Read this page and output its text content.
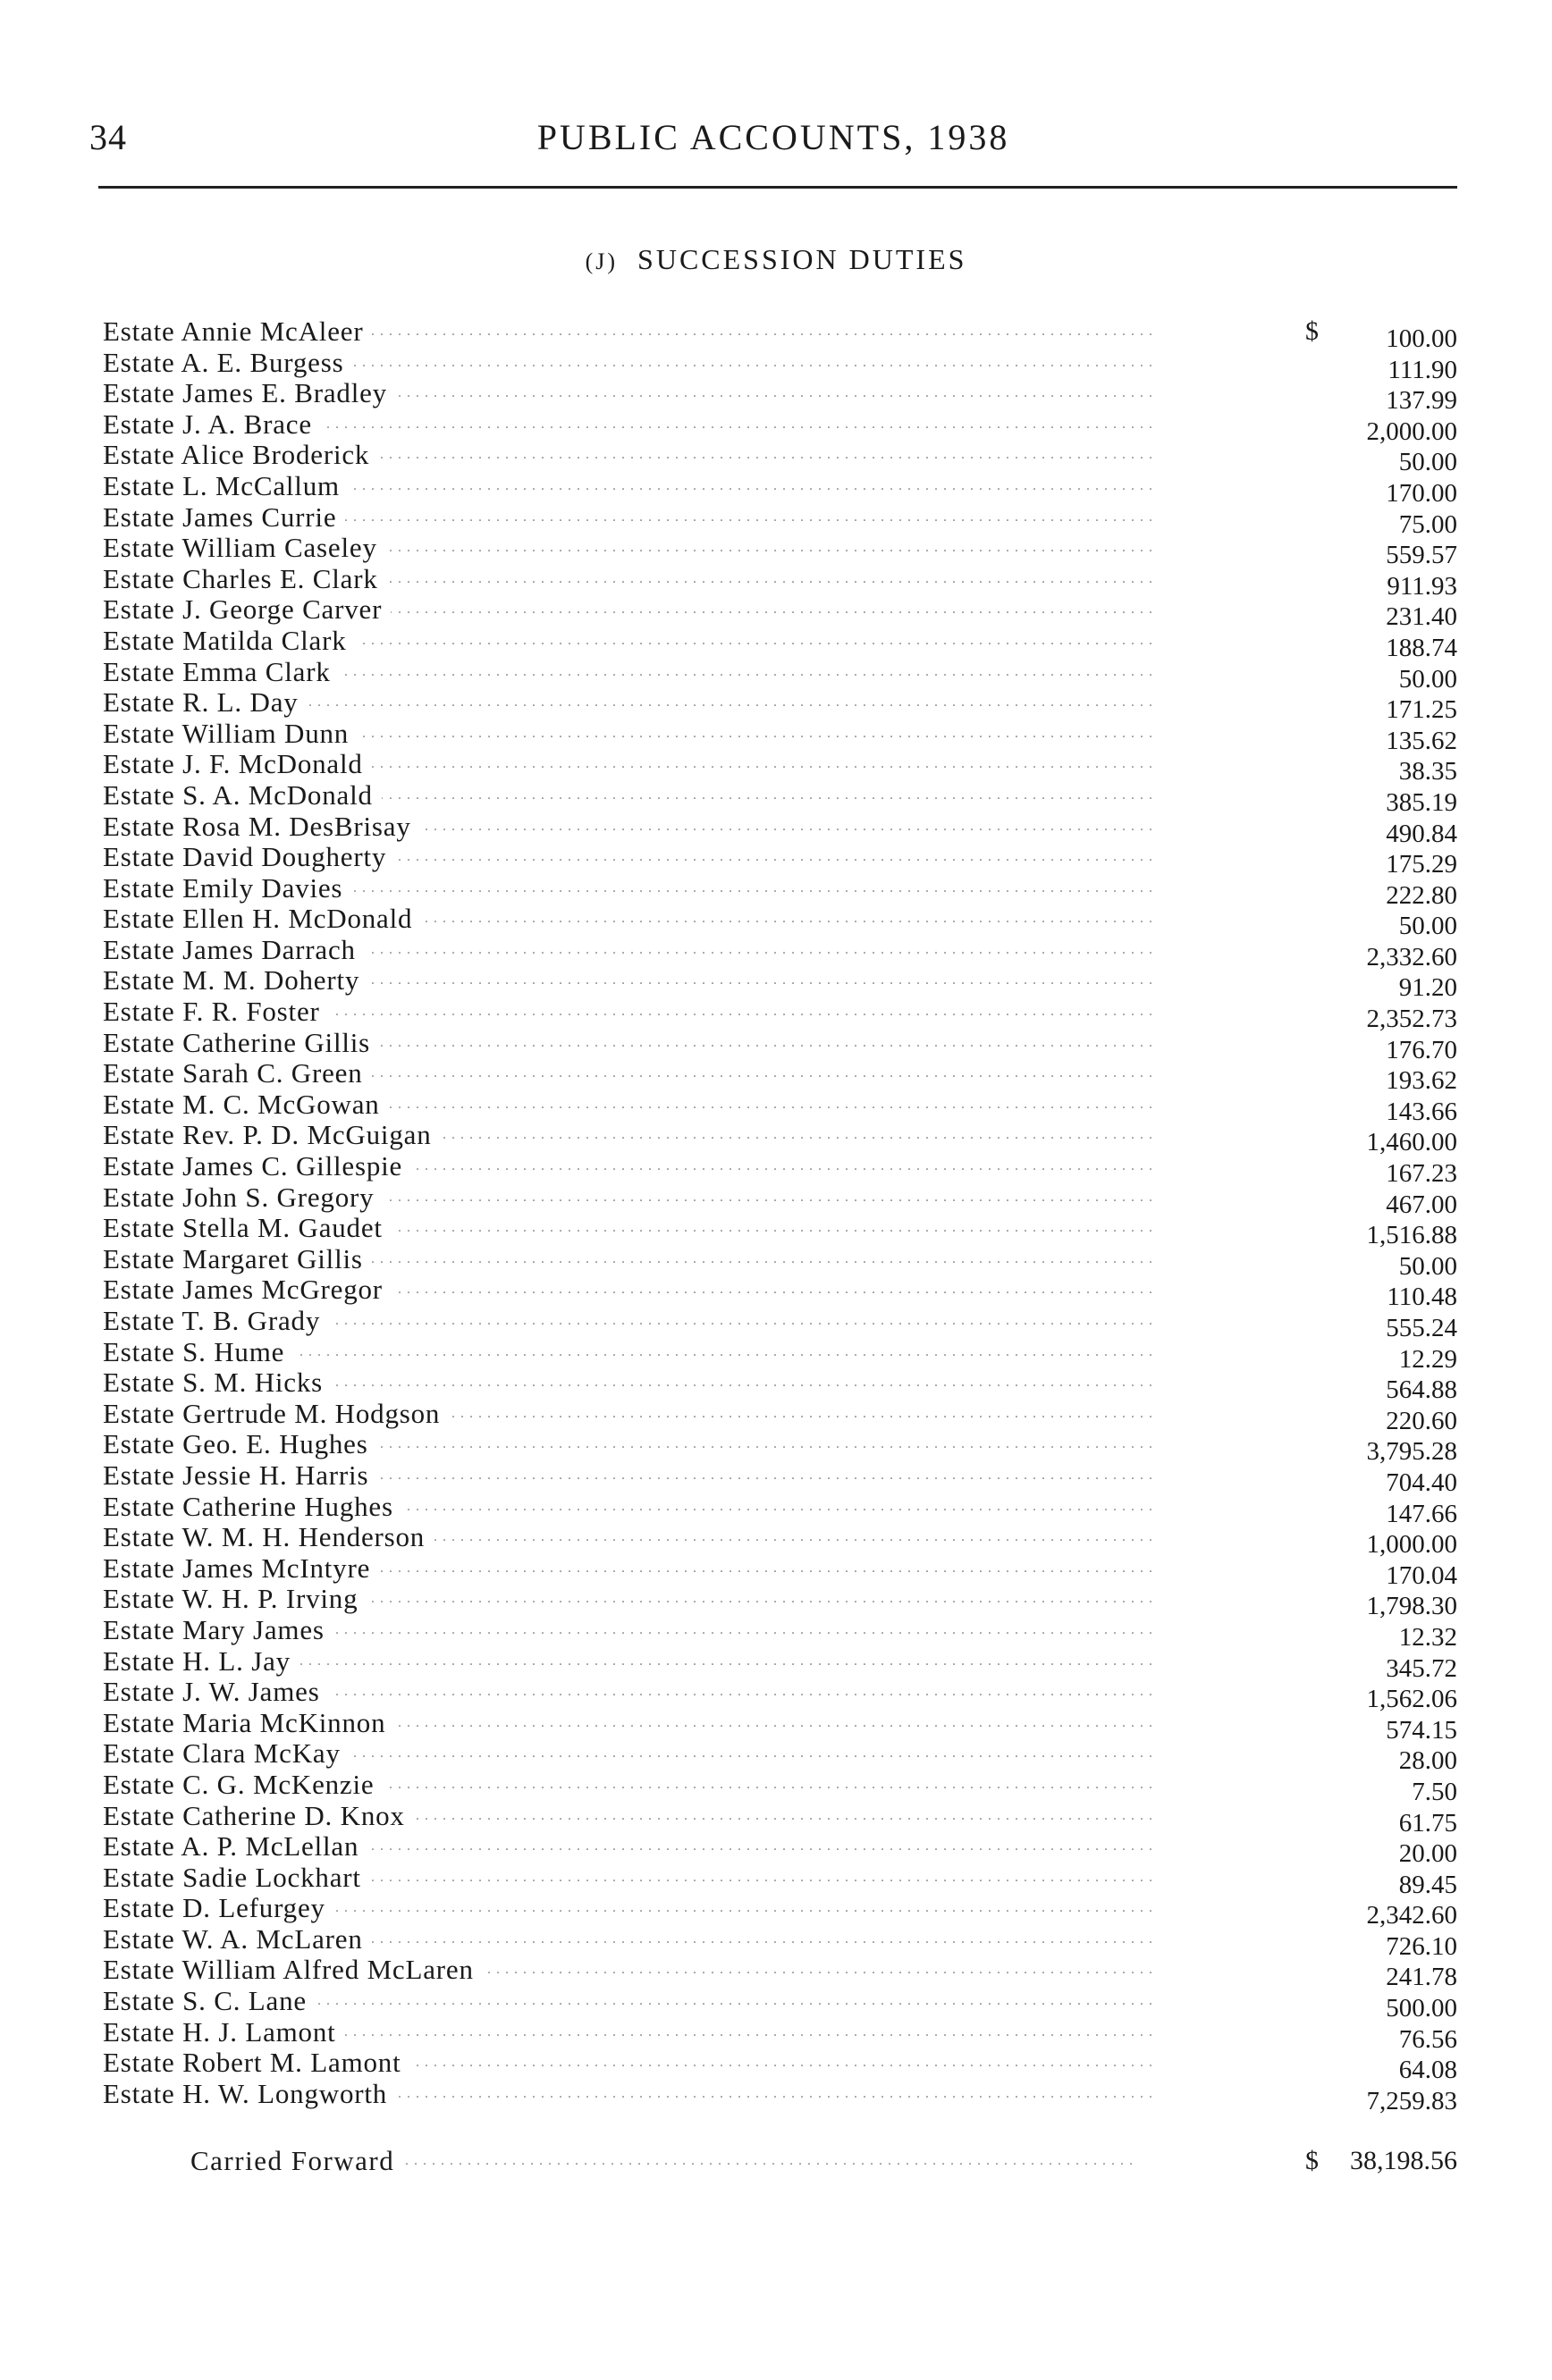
34	PUBLIC ACCOUNTS, 1938
(J) SUCCESSION DUTIES
Estate Annie McAleer . . .	$	100.00
Estate A. E. Burgess . . .	111.90
Estate James E. Bradley . . .	137.99
Estate J. A. Brace . . .	2,000.00
Estate Alice Broderick . . .	50.00
Estate L. McCallum . . .	170.00
Estate James Currie . . .	75.00
Estate William Caseley . . .	559.57
Estate Charles E. Clark . . .	911.93
Estate J. George Carver . . .	231.40
Estate Matilda Clark . . .	188.74
Estate Emma Clark . . .	50.00
Estate R. L. Day . . .	171.25
Estate William Dunn . . .	135.62
Estate J. F. McDonald . . .	38.35
Estate S. A. McDonald . . .	385.19
Estate Rosa M. DesBrisay . . .	490.84
Estate David Dougherty . . .	175.29
Estate Emily Davies . . .	222.80
Estate Ellen H. McDonald . . .	50.00
Estate James Darrach . . .	2,332.60
Estate M. M. Doherty . . .	91.20
Estate F. R. Foster . . .	2,352.73
Estate Catherine Gillis . . .	176.70
Estate Sarah C. Green . . .	193.62
Estate M. C. McGowan . . .	143.66
Estate Rev. P. D. McGuigan . . .	1,460.00
Estate James C. Gillespie . . .	167.23
Estate John S. Gregory . . .	467.00
Estate Stella M. Gaudet . . .	1,516.88
Estate Margaret Gillis . . .	50.00
Estate James McGregor . . .	110.48
Estate T. B. Grady . . .	555.24
Estate S. Hume . . .	12.29
Estate S. M. Hicks . . .	564.88
Estate Gertrude M. Hodgson . . .	220.60
Estate Geo. E. Hughes . . .	3,795.28
Estate Jessie H. Harris . . .	704.40
Estate Catherine Hughes . . .	147.66
Estate W. M. H. Henderson . . .	1,000.00
Estate James McIntyre . . .	170.04
Estate W. H. P. Irving . . .	1,798.30
Estate Mary James . . .	12.32
Estate H. L. Jay . . .	345.72
Estate J. W. James . . .	1,562.06
Estate Maria McKinnon . . .	574.15
Estate Clara McKay . . .	28.00
Estate C. G. McKenzie . . .	7.50
Estate Catherine D. Knox . . .	61.75
Estate A. P. McLellan . . .	20.00
Estate Sadie Lockhart . . .	89.45
Estate D. Lefurgey . . .	2,342.60
Estate W. A. McLaren . . .	726.10
Estate William Alfred McLaren . . .	241.78
Estate S. C. Lane . . .	500.00
Estate H. J. Lamont . . .	76.56
Estate Robert M. Lamont . . .	64.08
Estate H. W. Longworth . . .	7,259.83
Carried Forward . . .	$ 38,198.56
